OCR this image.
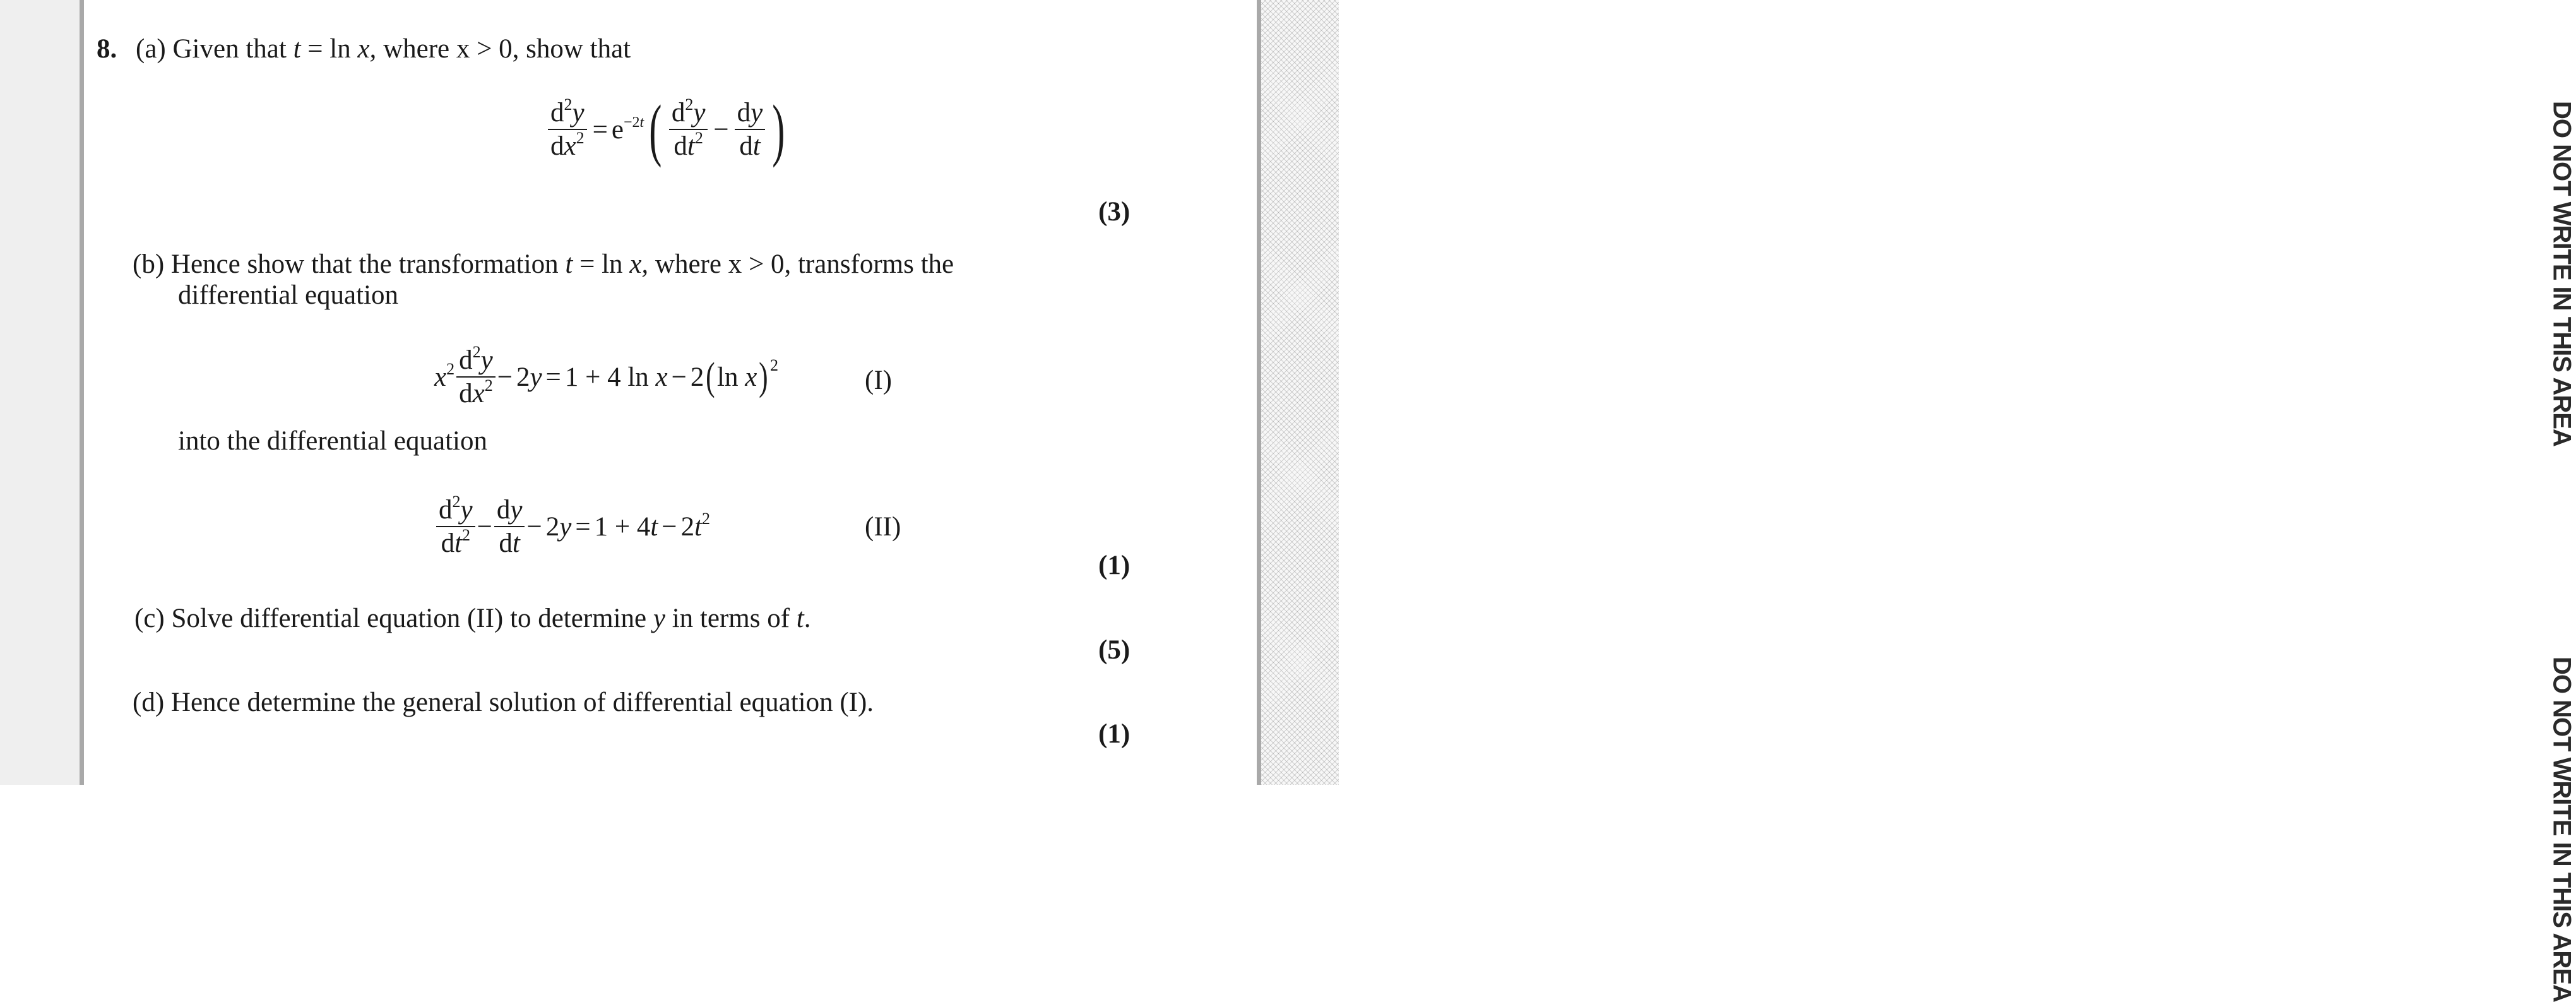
DO NOT WRITE IN THIS AREA
DO NOT WRITE IN THIS AREA
8. (a) Given that t = ln x, where x > 0, show that
$\frac{d^2y}{dx^2} = e^{-2t}$ ( $\frac{d^2y}{dt^2} - \frac{dy}{dt}$ )
(3)
(b) Hence show that the transformation t = ln x, where x > 0, transforms the
differential equation
$x^2 \frac{d^2y}{dx^2} - 2y = 1 + 4$ ln x − 2 ( ln x )$^2$
(I)
into the differential equation
$\frac{d^2y}{dt^2} - \frac{dy}{dt} - 2y = 1 + 4t - 2t^2$	(II)
(1)
(c) Solve differential equation (II) to determine y in terms of t.
(5)
(d) Hence determine the general solution of differential equation (I).
(1)
